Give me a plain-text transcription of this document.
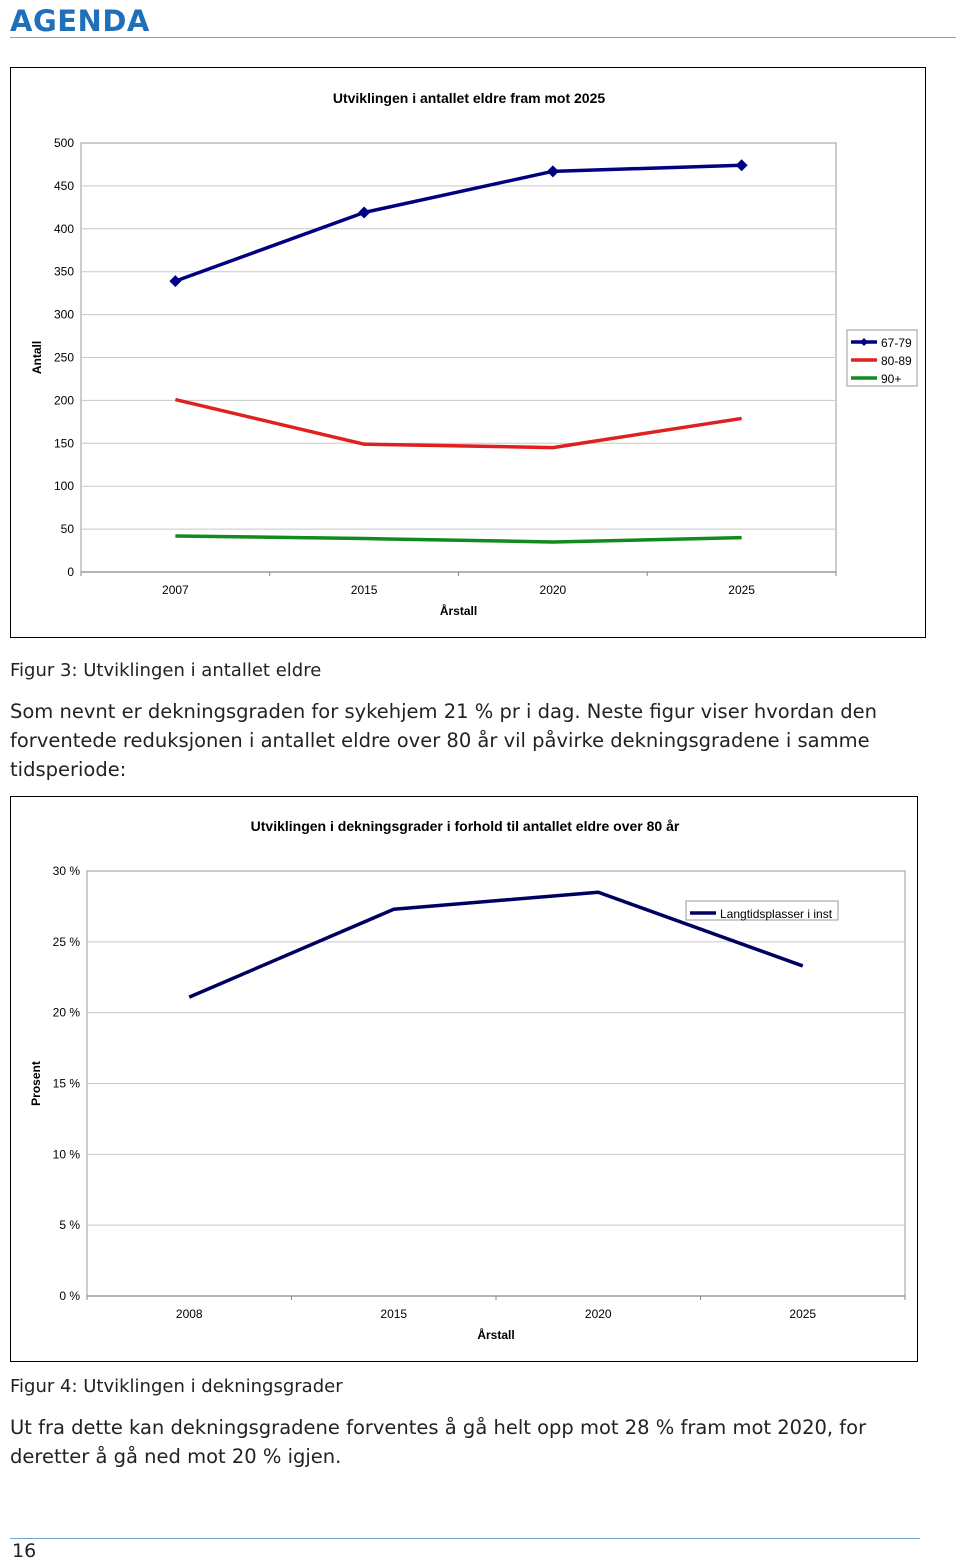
AGENDA
Utviklingen i antallet eldre fram mot 2025
0
50
100
150
200
250
300
350
400
450
500
2007	2015	2020	2025
Årstall
Antall	67-79
80-89
90+
Figur 3: Utviklingen i antallet eldre

Som nevnt er dekningsgraden for sykehjem 21 % pr i dag. Neste figur viser hvordan den forventede reduksjonen i antallet eldre over 80 år vil påvirke dekningsgradene i samme tidsperiode:

Utviklingen i dekningsgrader i forhold til antallet eldre over 80 år
0 %
5 %
10 %
15 %
20 %
25 %
30 %
2008	2015	2020	2025
Årstall
Prosent
Langtidsplasser i inst
Figur 4: Utviklingen i dekningsgrader

Ut fra dette kan dekningsgradene forventes å gå helt opp mot 28 % fram mot 2020, for deretter å gå ned mot 20 % igjen.

16
